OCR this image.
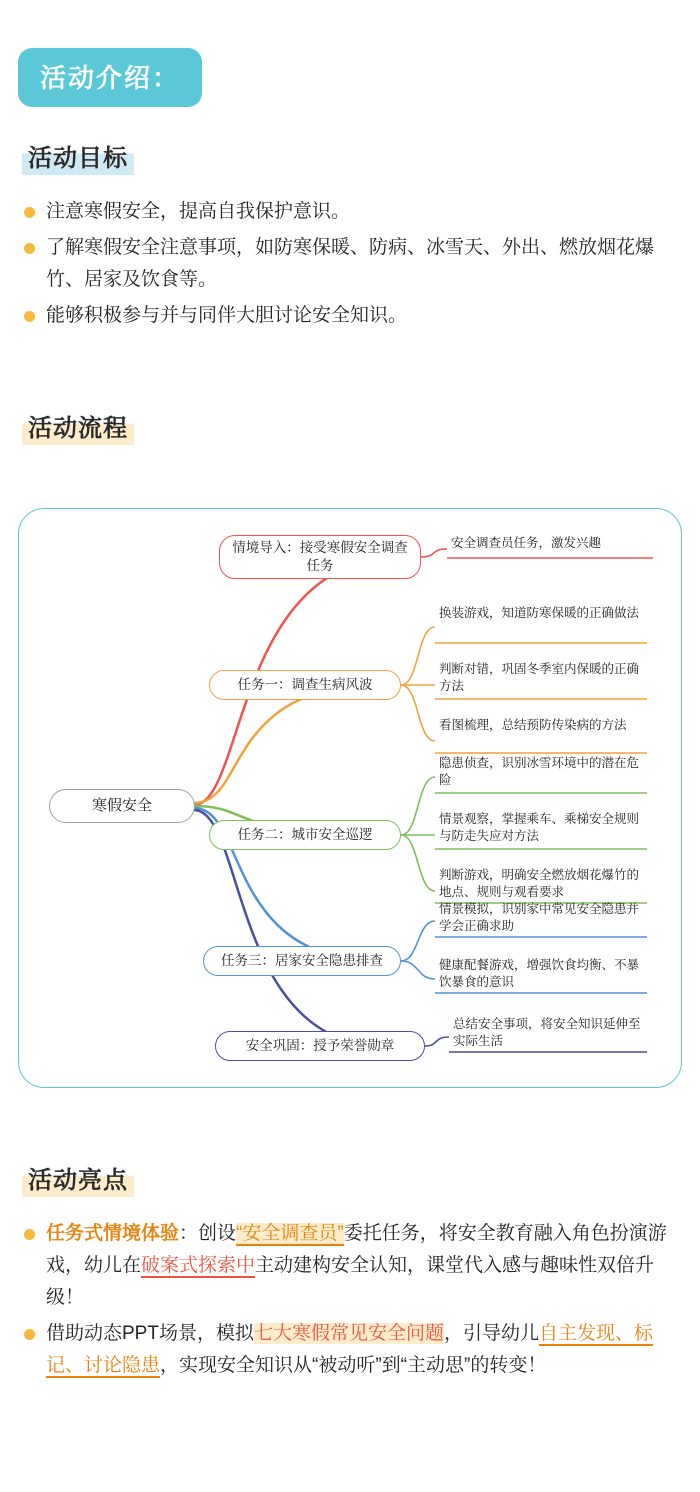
活动介绍：
活动目标
注意寒假安全，提高自我保护意识。
了解寒假安全注意事项，如防寒保暖、防病、冰雪天、外出、燃放烟花爆竹、居家及饮食等。
能够积极参与并与同伴大胆讨论安全知识。
活动流程
寒假安全
情境导入：接受寒假安全调查任务
任务一：调查生病风波
任务二：城市安全巡逻
任务三：居家安全隐患排查
安全巩固：授予荣誉勋章
安全调查员任务，激发兴趣
换装游戏，知道防寒保暖的正确做法
判断对错，巩固冬季室内保暖的正确方法
看图梳理，总结预防传染病的方法
隐患侦查，识别冰雪环境中的潜在危险
情景观察，掌握乘车、乘梯安全规则与防走失应对方法
判断游戏，明确安全燃放烟花爆竹的地点、规则与观看要求
情景模拟，识别家中常见安全隐患并学会正确求助
健康配餐游戏，增强饮食均衡、不暴饮暴食的意识
总结安全事项，将安全知识延伸至实际生活
活动亮点
任务式情境体验：创设“安全调查员”委托任务，将安全教育融入角色扮演游戏，幼儿在破案式探索中主动建构安全认知，课堂代入感与趣味性双倍升级！
借助动态PPT场景，模拟七大寒假常见安全问题，引导幼儿自主发现、标记、讨论隐患，实现安全知识从“被动听”到“主动思”的转变！
